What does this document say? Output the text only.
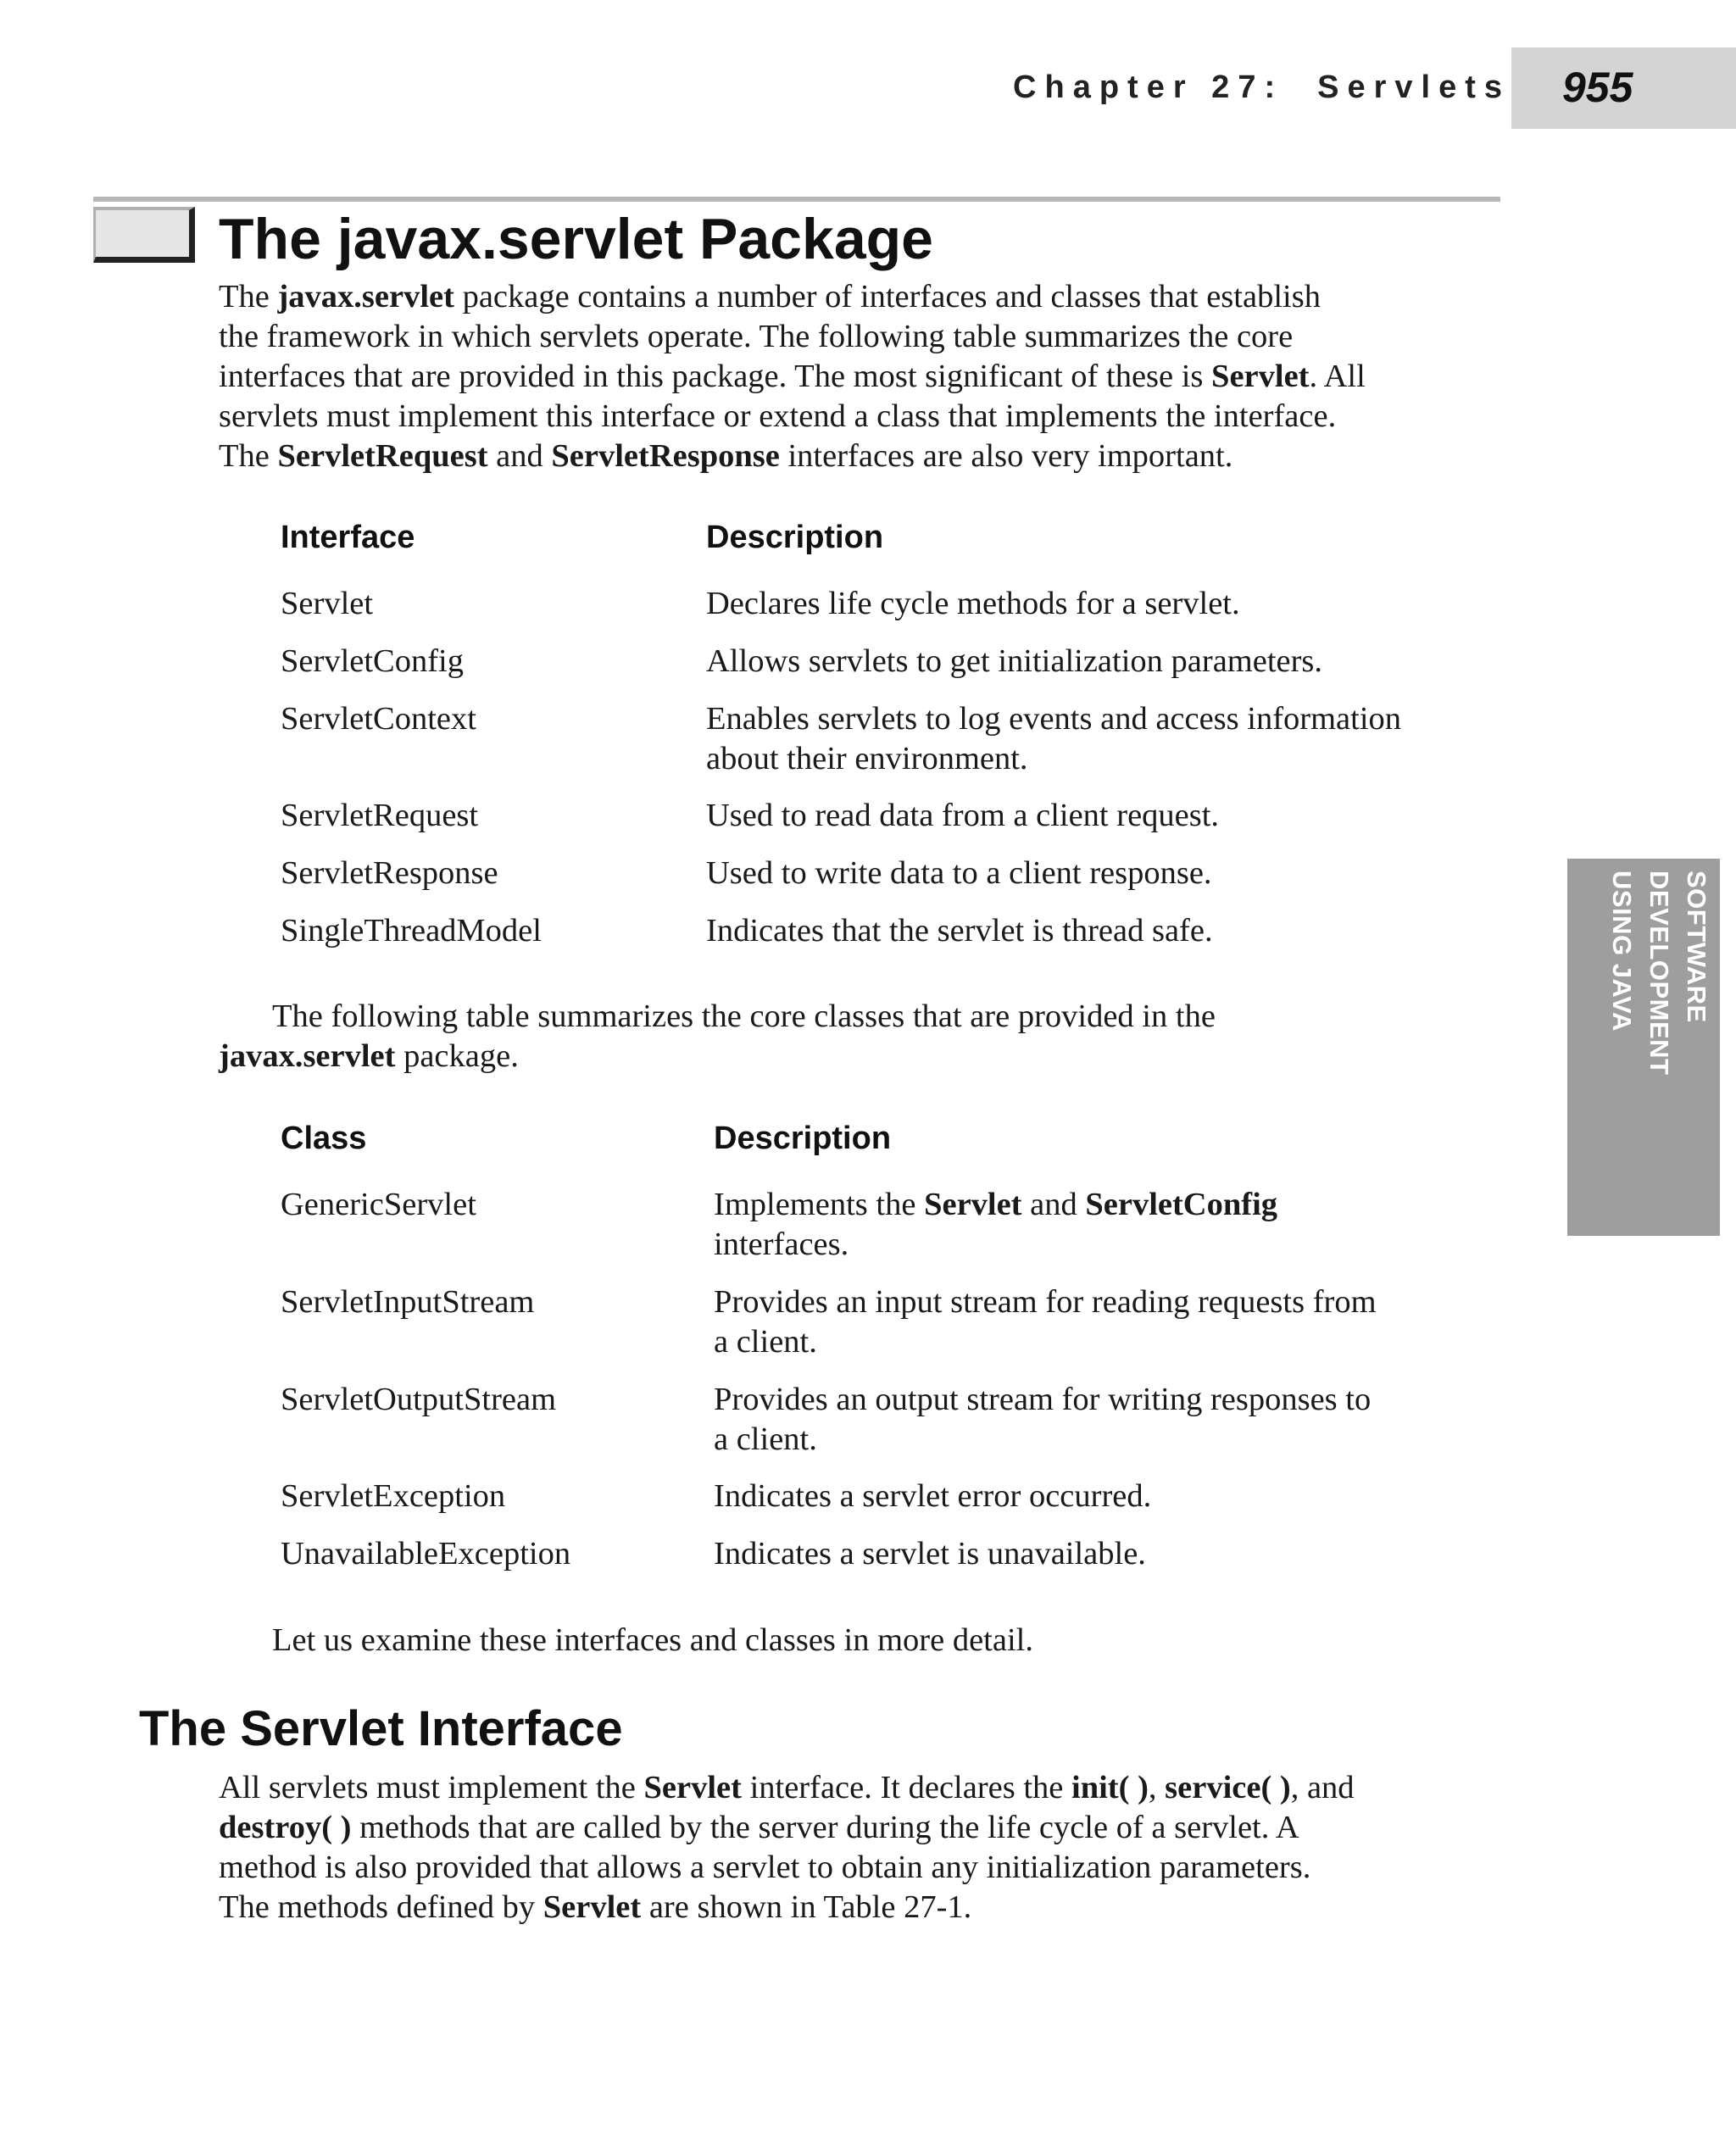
Chapter 27: Servlets 955
SOFTWARE DEVELOPMENT
USING JAVA
The javax.servlet Package

The javax.servlet package contains a number of interfaces and classes that establish
the framework in which servlets operate. The following table summarizes the core
interfaces that are provided in this package. The most significant of these is Servlet. All
servlets must implement this interface or extend a class that implements the interface.
The ServletRequest and ServletResponse interfaces are also very important.

Interface	Description

Servlet	Declares life cycle methods for a servlet.

ServletConfig	Allows servlets to get initialization parameters.

ServletContext	Enables servlets to log events and access information
about their environment.

ServletRequest	Used to read data from a client request.

ServletResponse	Used to write data to a client response.

SingleThreadModel	Indicates that the servlet is thread safe.

The following table summarizes the core classes that are provided in the
javax.servlet package.

Class	Description

GenericServlet	Implements the Servlet and ServletConfig
interfaces.

ServletInputStream	Provides an input stream for reading requests from
a client.

ServletOutputStream	Provides an output stream for writing responses to
a client.

ServletException	Indicates a servlet error occurred.

UnavailableException	Indicates a servlet is unavailable.

Let us examine these interfaces and classes in more detail.

The Servlet Interface

All servlets must implement the Servlet interface. It declares the init( ), service( ), and
destroy( ) methods that are called by the server during the life cycle of a servlet. A
method is also provided that allows a servlet to obtain any initialization parameters.
The methods defined by Servlet are shown in Table 27-1.
